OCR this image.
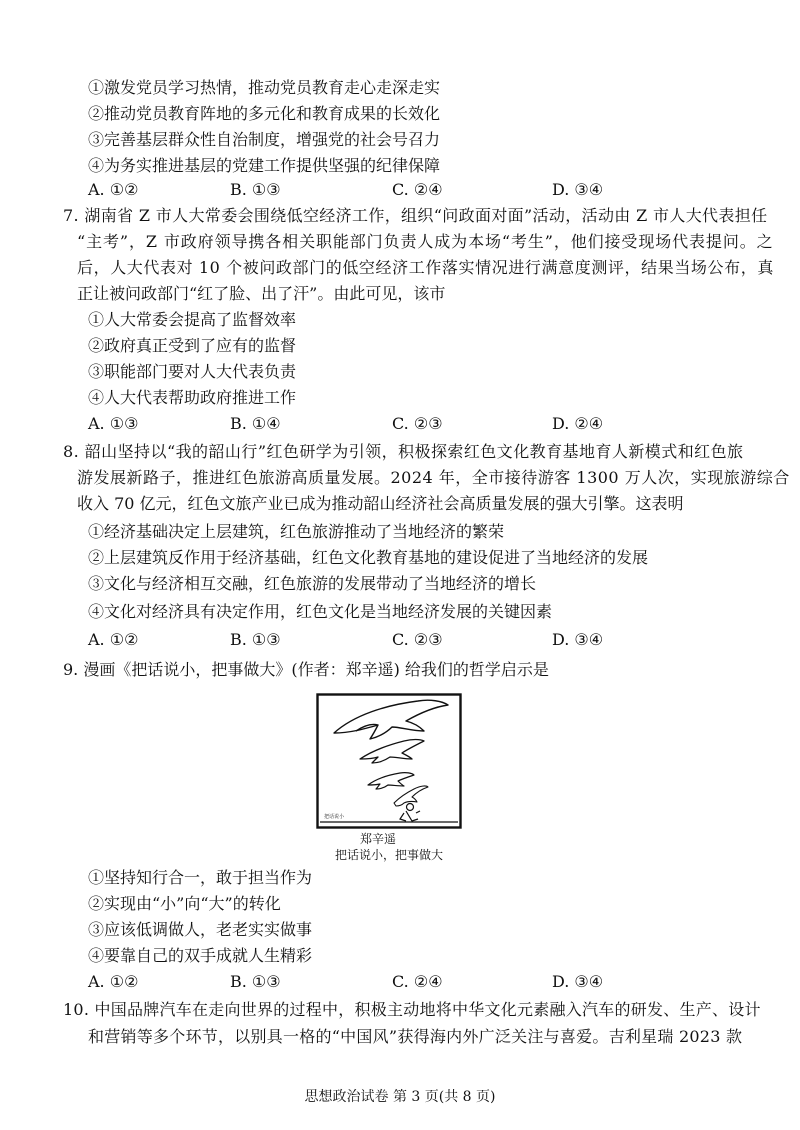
①激发党员学习热情，推动党员教育走心走深走实
②推动党员教育阵地的多元化和教育成果的长效化
③完善基层群众性自治制度，增强党的社会号召力
④为务实推进基层的党建工作提供坚强的纪律保障
A. ①②	B. ①③	C. ②④	D. ③④
7. 湖南省 Z 市人大常委会围绕低空经济工作，组织“问政面对面”活动，活动由 Z 市人大代表担任
“主考”，Z 市政府领导携各相关职能部门负责人成为本场“考生”，他们接受现场代表提问。之
后，人大代表对 10 个被问政部门的低空经济工作落实情况进行满意度测评，结果当场公布，真
正让被问政部门“红了脸、出了汗”。由此可见，该市
①人大常委会提高了监督效率
②政府真正受到了应有的监督
③职能部门要对人大代表负责
④人大代表帮助政府推进工作
A. ①③	B. ①④	C. ②③	D. ②④
8. 韶山坚持以“我的韶山行”红色研学为引领，积极探索红色文化教育基地育人新模式和红色旅
游发展新路子，推进红色旅游高质量发展。2024 年，全市接待游客 1300 万人次，实现旅游综合
收入 70 亿元，红色文旅产业已成为推动韶山经济社会高质量发展的强大引擎。这表明
①经济基础决定上层建筑，红色旅游推动了当地经济的繁荣
②上层建筑反作用于经济基础，红色文化教育基地的建设促进了当地经济的发展
③文化与经济相互交融，红色旅游的发展带动了当地经济的增长
④文化对经济具有决定作用，红色文化是当地经济发展的关键因素
A. ①②	B. ①③	C. ②③	D. ③④
9. 漫画《把话说小，把事做大》(作者：郑辛遥) 给我们的哲学启示是
把话说小
郑辛遥
把话说小，把事做大
①坚持知行合一，敢于担当作为
②实现由“小”向“大”的转化
③应该低调做人，老老实实做事
④要靠自己的双手成就人生精彩
A. ①②	B. ①③	C. ②④	D. ③④
10. 中国品牌汽车在走向世界的过程中，积极主动地将中华文化元素融入汽车的研发、生产、设计
和营销等多个环节，以别具一格的“中国风”获得海内外广泛关注与喜爱。吉利星瑞 2023 款
思想政治试卷 第 3 页(共 8 页)
